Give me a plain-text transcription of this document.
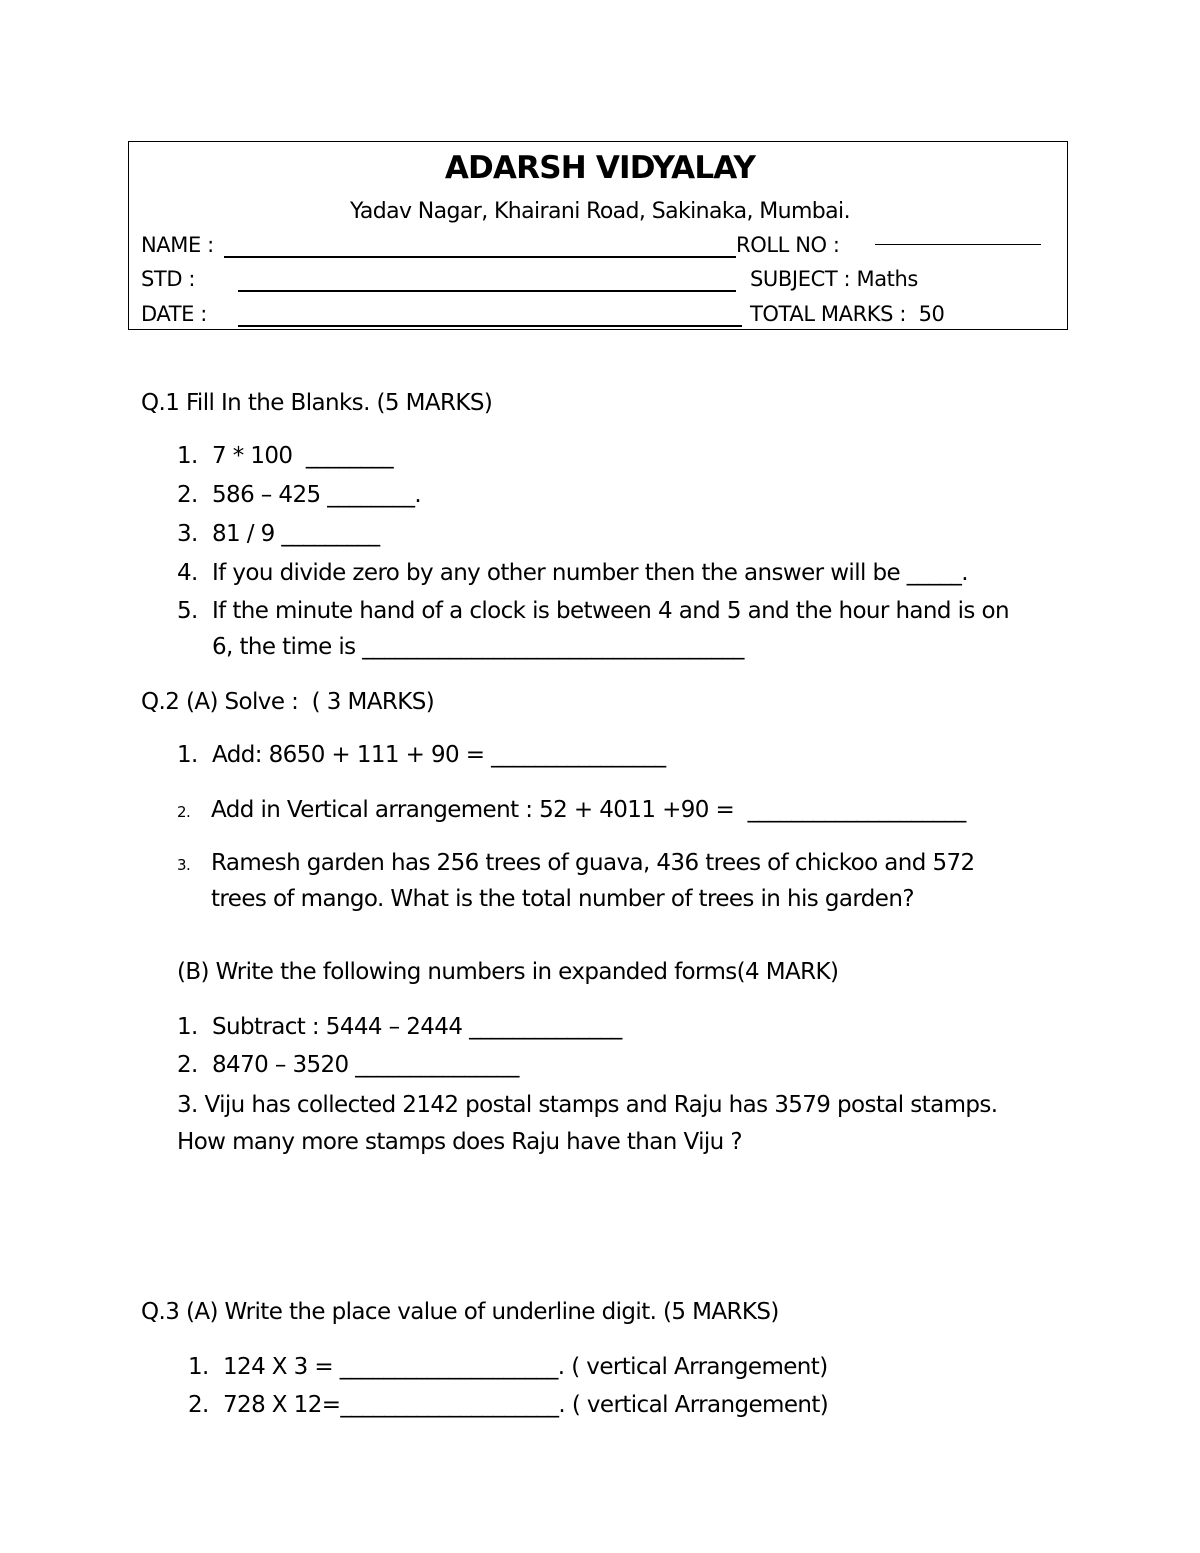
ADARSH VIDYALAY
Yadav Nagar, Khairani Road, Sakinaka, Mumbai.
NAME :	ROLL NO :
STD :	SUBJECT : Maths
DATE :	TOTAL MARKS :  50
Q.1 Fill In the Blanks. (5 MARKS)
1. 7 * 100  ________
2. 586 – 425 ________.
3. 81 / 9 _________
4. If you divide zero by any other number then the answer will be _____.
5. If the minute hand of a clock is between 4 and 5 and the hour hand is on
6, the time is ___________________________________
Q.2 (A) Solve :  ( 3 MARKS)
1. Add: 8650 + 111 + 90 = ________________
2. Add in Vertical arrangement : 52 + 4011 +90 =  ____________________
3. Ramesh garden has 256 trees of guava, 436 trees of chickoo and 572
trees of mango. What is the total number of trees in his garden?
(B) Write the following numbers in expanded forms(4 MARK)
1. Subtract : 5444 – 2444 ______________
2. 8470 – 3520 _______________
3. Viju has collected 2142 postal stamps and Raju has 3579 postal stamps.
How many more stamps does Raju have than Viju ?
Q.3 (A) Write the place value of underline digit. (5 MARKS)
1. 124 X 3 = ____________________. ( vertical Arrangement)
2. 728 X 12=____________________. ( vertical Arrangement)
